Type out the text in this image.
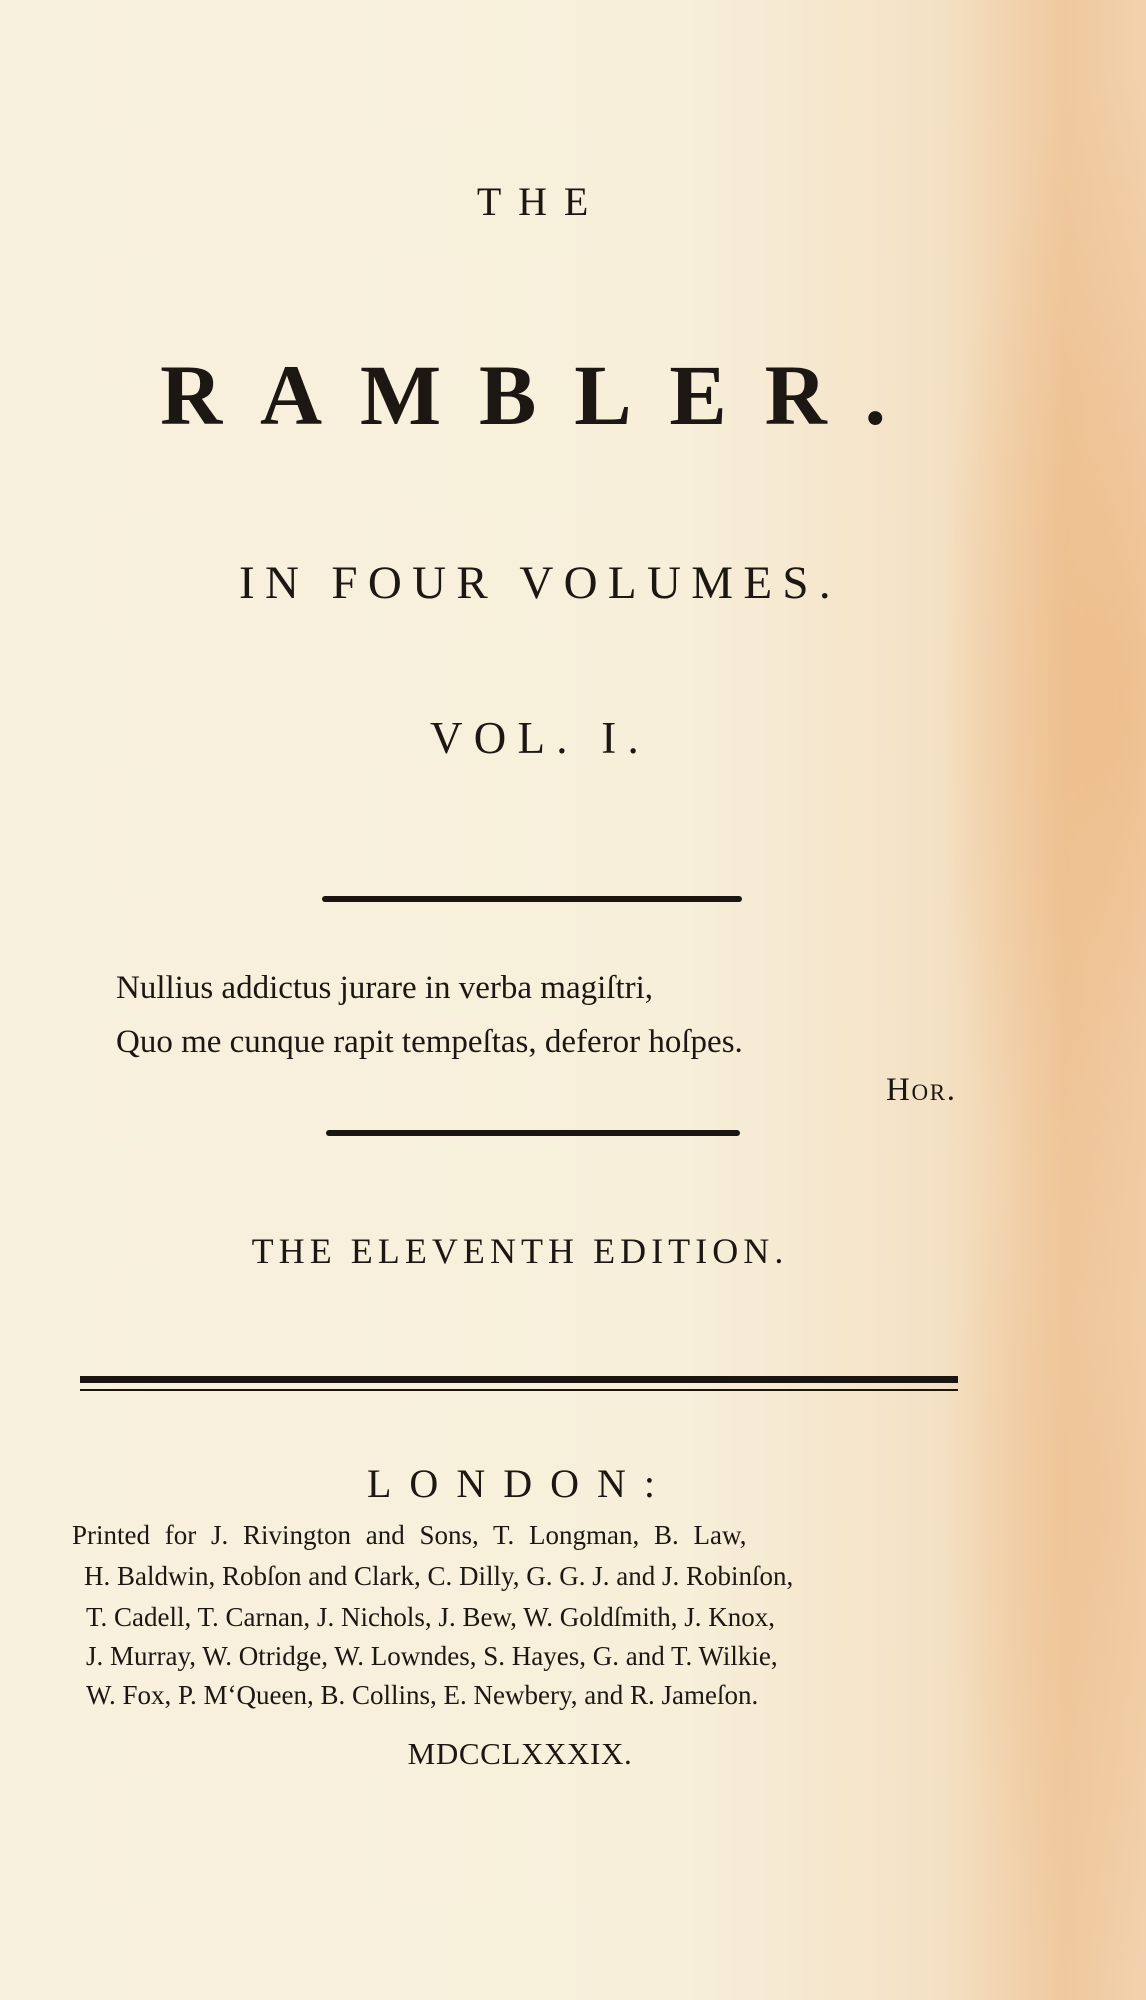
THE
RAMBLER.
IN FOUR VOLUMES.
VOL. I.
Nullius addictus jurare in verba magiſtri,
Quo me cunque rapit tempeſtas, deferor hoſpes.
Hor.
THE ELEVENTH EDITION.
LONDON:
Printed for J. Rivington and Sons, T. Longman, B. Law,
H. Baldwin, Robſon and Clark, C. Dilly, G. G. J. and J. Robinſon,
T. Cadell, T. Carnan, J. Nichols, J. Bew, W. Goldſmith, J. Knox,
J. Murray, W. Otridge, W. Lowndes, S. Hayes, G. and T. Wilkie,
W. Fox, P. M‘Queen, B. Collins, E. Newbery, and R. Jameſon.
MDCCLXXXIX.
